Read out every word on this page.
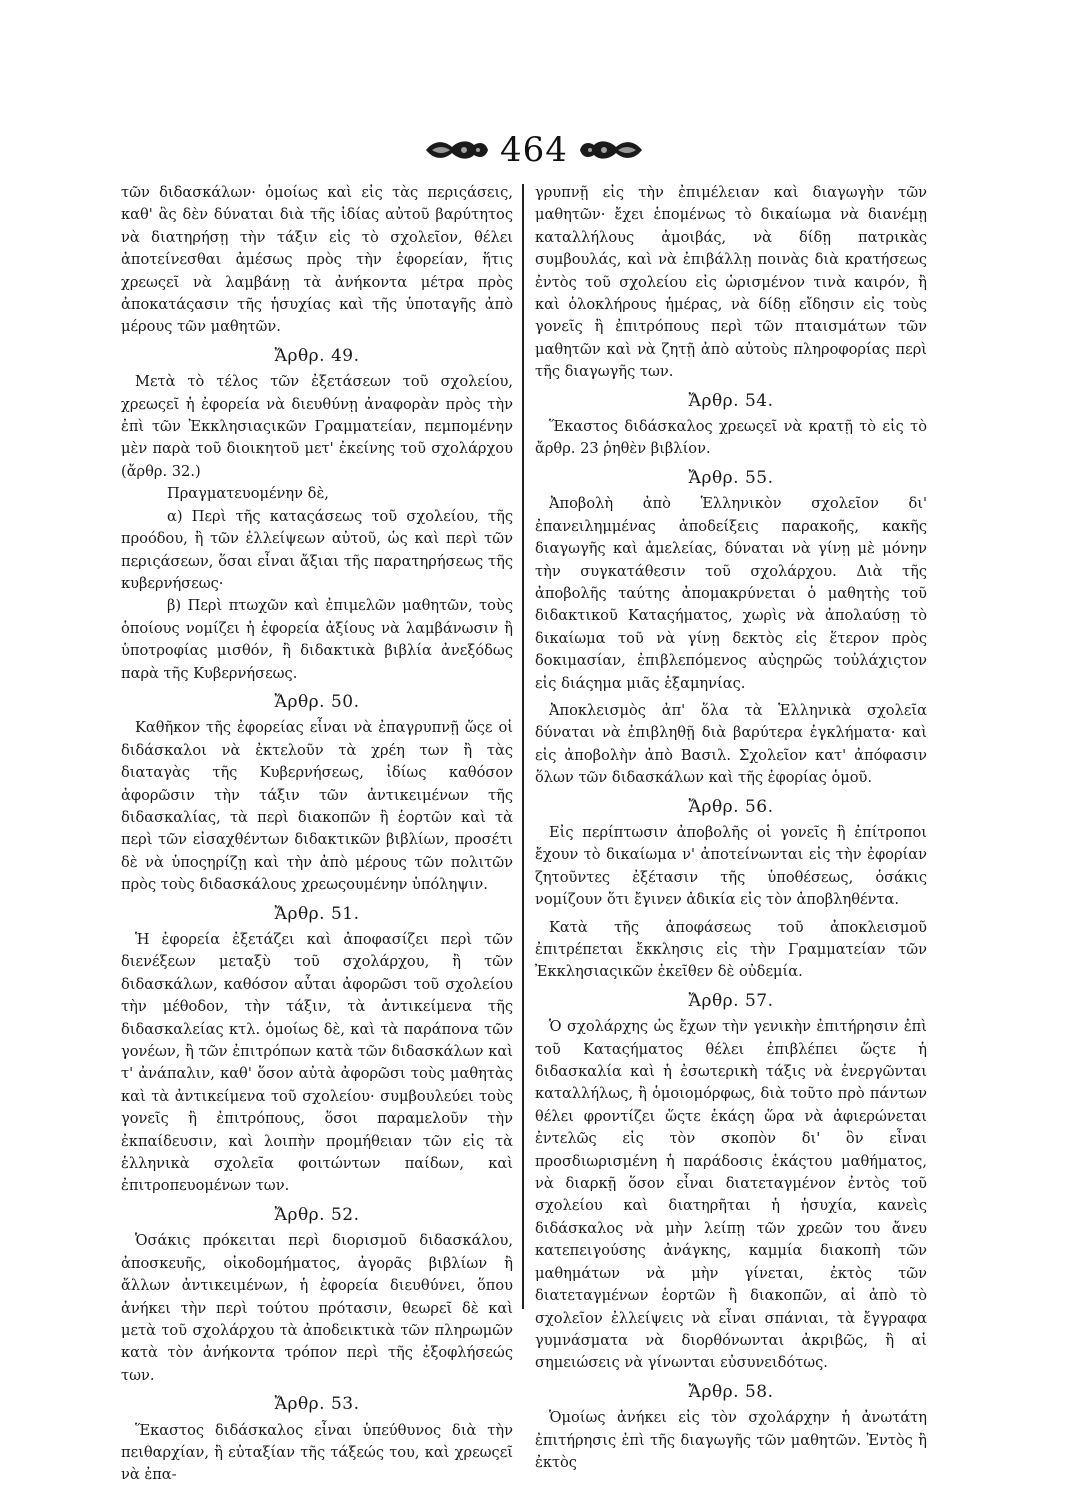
464

τῶν διδασκάλων· ὁμοίως καὶ εἰς τὰς περιςάσεις, καθ' ἃς δὲν δύναται διὰ τῆς ἰδίας αὐτοῦ βαρύτητος νὰ διατηρήσῃ τὴν τάξιν εἰς τὸ σχολεῖον, θέλει ἀποτείνεσθαι ἀμέσως πρὸς τὴν ἐφορείαν, ἥτις χρεωςεῖ νὰ λαμβάνῃ τὰ ἀνήκοντα μέτρα πρὸς ἀποκατάςασιν τῆς ἡσυχίας καὶ τῆς ὑποταγῆς ἀπὸ μέρους τῶν μαθητῶν.

Ἄρθρ. 49.

Μετὰ τὸ τέλος τῶν ἐξετάσεων τοῦ σχολείου, χρεωςεῖ ἡ ἐφορεία νὰ διευθύνῃ ἀναφορὰν πρὸς τὴν ἐπὶ τῶν Ἐκκλησιαςικῶν Γραμματείαν, πεμπομένην μὲν παρὰ τοῦ διοικητοῦ μετ' ἐκείνης τοῦ σχολάρχου (ἄρθρ. 32.)

Πραγματευομένην δὲ,

α) Περὶ τῆς καταςάσεως τοῦ σχολείου, τῆς προόδου, ἢ τῶν ἐλλείψεων αὐτοῦ, ὡς καὶ περὶ τῶν περιςάσεων, ὅσαι εἶναι ἄξιαι τῆς παρατηρήσεως τῆς κυβερνήσεως·

β) Περὶ πτωχῶν καὶ ἐπιμελῶν μαθητῶν, τοὺς ὁποίους νομίζει ἡ ἐφορεία ἀξίους νὰ λαμβάνωσιν ἢ ὑποτροφίας μισθόν, ἢ διδακτικὰ βιβλία ἀνεξόδως παρὰ τῆς Κυβερνήσεως.

Ἄρθρ. 50.

Καθῆκον τῆς ἐφορείας εἶναι νὰ ἐπαγρυπνῇ ὥςε οἱ διδάσκαλοι νὰ ἐκτελοῦν τὰ χρέη των ἢ τὰς διαταγὰς τῆς Κυβερνήσεως, ἰδίως καθόσον ἀφορῶσιν τὴν τάξιν τῶν ἀντικειμένων τῆς διδασκαλίας, τὰ περὶ διακοπῶν ἢ ἑορτῶν καὶ τὰ περὶ τῶν εἰσαχθέντων διδακτικῶν βιβλίων, προσέτι δὲ νὰ ὑποςηρίζῃ καὶ τὴν ἀπὸ μέρους τῶν πολιτῶν πρὸς τοὺς διδασκάλους χρεωςουμένην ὑπόληψιν.

Ἄρθρ. 51.

Ἡ ἐφορεία ἐξετάζει καὶ ἀποφασίζει περὶ τῶν διενέξεων μεταξὺ τοῦ σχολάρχου, ἢ τῶν διδασκάλων, καθόσον αὗται ἀφορῶσι τοῦ σχολείου τὴν μέθοδον, τὴν τάξιν, τὰ ἀντικείμενα τῆς διδασκαλείας κτλ. ὁμοίως δὲ, καὶ τὰ παράπονα τῶν γονέων, ἢ τῶν ἐπιτρόπων κατὰ τῶν διδασκάλων καὶ τ' ἀνάπαλιν, καθ' ὅσον αὐτὰ ἀφορῶσι τοὺς μαθητὰς καὶ τὰ ἀντικείμενα τοῦ σχολείου· συμβουλεύει τοὺς γονεῖς ἢ ἐπιτρόπους, ὅσοι παραμελοῦν τὴν ἐκπαίδευσιν, καὶ λοιπὴν προμήθειαν τῶν εἰς τὰ ἑλληνικὰ σχολεῖα φοιτώντων παίδων, καὶ ἐπιτροπευομένων των.

Ἄρθρ. 52.

Ὁσάκις πρόκειται περὶ διορισμοῦ διδασκάλου, ἀποσκευῆς, οἰκοδομήματος, ἀγορᾶς βιβλίων ἢ ἄλλων ἀντικειμένων, ἡ ἐφορεία διευθύνει, ὅπου ἀνήκει τὴν περὶ τούτου πρότασιν, θεωρεῖ δὲ καὶ μετὰ τοῦ σχολάρχου τὰ ἀποδεικτικὰ τῶν πληρωμῶν κατὰ τὸν ἀνήκοντα τρόπον περὶ τῆς ἐξοφλήσεώς των.

Ἄρθρ. 53.

Ἕκαστος διδάσκαλος εἶναι ὑπεύθυνος διὰ τὴν πειθαρχίαν, ἢ εὐταξίαν τῆς τάξεώς του, καὶ χρεωςεῖ νὰ ἐπα-

γρυπνῇ εἰς τὴν ἐπιμέλειαν καὶ διαγωγὴν τῶν μαθητῶν· ἔχει ἑπομένως τὸ δικαίωμα νὰ διανέμῃ καταλλήλους ἀμοιβάς, νὰ δίδῃ πατρικὰς συμβουλάς, καὶ νὰ ἐπιβάλλῃ ποινὰς διὰ κρατήσεως ἐντὸς τοῦ σχολείου εἰς ὡρισμένον τινὰ καιρόν, ἢ καὶ ὁλοκλήρους ἡμέρας, νὰ δίδῃ εἴδησιν εἰς τοὺς γονεῖς ἢ ἐπιτρόπους περὶ τῶν πταισμάτων τῶν μαθητῶν καὶ νὰ ζητῇ ἀπὸ αὐτοὺς πληροφορίας περὶ τῆς διαγωγῆς των.

Ἄρθρ. 54.

Ἕκαστος διδάσκαλος χρεωςεῖ νὰ κρατῇ τὸ εἰς τὸ ἄρθρ. 23 ῥηθὲν βιβλίον.

Ἄρθρ. 55.

Ἀποβολὴ ἀπὸ Ἑλληνικὸν σχολεῖον δι' ἐπανειλημμένας ἀποδείξεις παρακοῆς, κακῆς διαγωγῆς καὶ ἀμελείας, δύναται νὰ γίνῃ μὲ μόνην τὴν συγκατάθεσιν τοῦ σχολάρχου. Διὰ τῆς ἀποβολῆς ταύτης ἀπομακρύνεται ὁ μαθητὴς τοῦ διδακτικοῦ Καταςήματος, χωρὶς νὰ ἀπολαύσῃ τὸ δικαίωμα τοῦ νὰ γίνῃ δεκτὸς εἰς ἕτερον πρὸς δοκιμασίαν, ἐπιβλεπόμενος αὐςηρῶς τοὐλάχιςτον εἰς διάςημα μιᾶς ἑξαμηνίας.

Ἀποκλεισμὸς ἀπ' ὅλα τὰ Ἑλληνικὰ σχολεῖα δύναται νὰ ἐπιβληθῇ διὰ βαρύτερα ἐγκλήματα· καὶ εἰς ἀποβολὴν ἀπὸ Βασιλ. Σχολεῖον κατ' ἀπόφασιν ὅλων τῶν διδασκάλων καὶ τῆς ἐφορίας ὁμοῦ.

Ἄρθρ. 56.

Εἰς περίπτωσιν ἀποβολῆς οἱ γονεῖς ἢ ἐπίτροποι ἔχουν τὸ δικαίωμα ν' ἀποτείνωνται εἰς τὴν ἐφορίαν ζητοῦντες ἐξέτασιν τῆς ὑποθέσεως, ὁσάκις νομίζουν ὅτι ἔγινεν ἀδικία εἰς τὸν ἀποβληθέντα.

Κατὰ τῆς ἀποφάσεως τοῦ ἀποκλεισμοῦ ἐπιτρέπεται ἔκκλησις εἰς τὴν Γραμματείαν τῶν Ἐκκλησιαςικῶν ἐκεῖθεν δὲ οὐδεμία.

Ἄρθρ. 57.

Ὁ σχολάρχης ὡς ἔχων τὴν γενικὴν ἐπιτήρησιν ἐπὶ τοῦ Καταςήματος θέλει ἐπιβλέπει ὥςτε ἡ διδασκαλία καὶ ἡ ἐσωτερικὴ τάξις νὰ ἐνεργῶνται καταλλήλως, ἢ ὁμοιομόρφως, διὰ τοῦτο πρὸ πάντων θέλει φροντίζει ὥςτε ἑκάςη ὥρα νὰ ἀφιερώνεται ἐντελῶς εἰς τὸν σκοπὸν δι' ὃν εἶναι προσδιωρισμένη ἡ παράδοσις ἑκάςτου μαθήματος, νὰ διαρκῇ ὅσον εἶναι διατεταγμένον ἐντὸς τοῦ σχολείου καὶ διατηρῆται ἡ ἡσυχία, κανεὶς διδάσκαλος νὰ μὴν λείπῃ τῶν χρεῶν του ἄνευ κατεπειγούσης ἀνάγκης, καμμία διακοπὴ τῶν μαθημάτων νὰ μὴν γίνεται, ἐκτὸς τῶν διατεταγμένων ἑορτῶν ἢ διακοπῶν, αἱ ἀπὸ τὸ σχολεῖον ἐλλείψεις νὰ εἶναι σπάνιαι, τὰ ἔγγραφα γυμνάσματα νὰ διορθόνωνται ἀκριβῶς, ἢ αἱ σημειώσεις νὰ γίνωνται εὐσυνειδότως.

Ἄρθρ. 58.

Ὁμοίως ἀνήκει εἰς τὸν σχολάρχην ἡ ἀνωτάτη ἐπιτήρησις ἐπὶ τῆς διαγωγῆς τῶν μαθητῶν. Ἐντὸς ἢ ἐκτὸς
